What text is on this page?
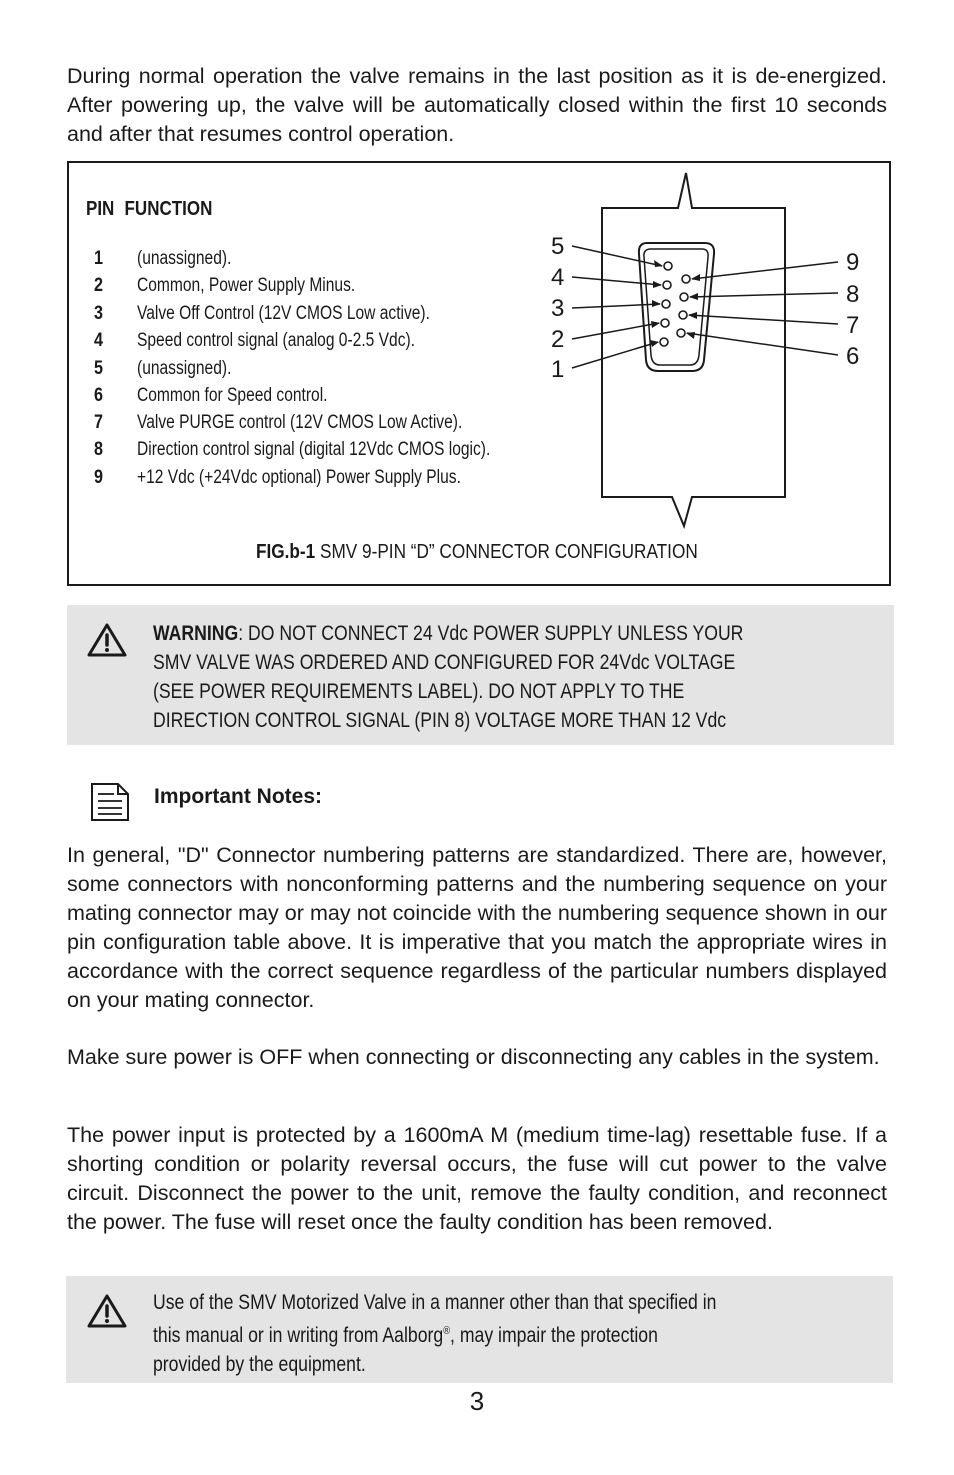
During normal operation the valve remains in the last position as it is de-energized. After powering up, the valve will be automatically closed within the first 10 seconds and after that resumes control operation.

PIN FUNCTION
1 (unassigned).
2 Common, Power Supply Minus.
3 Valve Off Control (12V CMOS Low active).
4 Speed control signal (analog 0-2.5 Vdc).
5 (unassigned).
6 Common for Speed control.
7 Valve PURGE control (12V CMOS Low Active).
8 Direction control signal (digital 12Vdc CMOS logic).
9 +12 Vdc (+24Vdc optional) Power Supply Plus.
5
4
3
2
1
9
8
7
6
FIG.b-1 SMV 9-PIN “D” CONNECTOR CONFIGURATION
WARNING: DO NOT CONNECT 24 Vdc POWER SUPPLY UNLESS YOUR
SMV VALVE WAS ORDERED AND CONFIGURED FOR 24Vdc VOLTAGE
(SEE POWER REQUIREMENTS LABEL). DO NOT APPLY TO THE
DIRECTION CONTROL SIGNAL (PIN 8) VOLTAGE MORE THAN 12 Vdc
Important Notes:

In general, "D" Connector numbering patterns are standardized. There are, however, some connectors with nonconforming patterns and the numbering sequence on your mating connector may or may not coincide with the numbering sequence shown in our pin configuration table above. It is imperative that you match the appropriate wires in accordance with the correct sequence regardless of the particular numbers displayed on your mating connector.

Make sure power is OFF when connecting or disconnecting any cables in the system.

The power input is protected by a 1600mA M (medium time-lag) resettable fuse. If a shorting condition or polarity reversal occurs, the fuse will cut power to the valve circuit. Disconnect the power to the unit, remove the faulty condition, and reconnect the power. The fuse will reset once the faulty condition has been removed.

Use of the SMV Motorized Valve in a manner other than that specified in
this manual or in writing from Aalborg®, may impair the protection
provided by the equipment.
3
